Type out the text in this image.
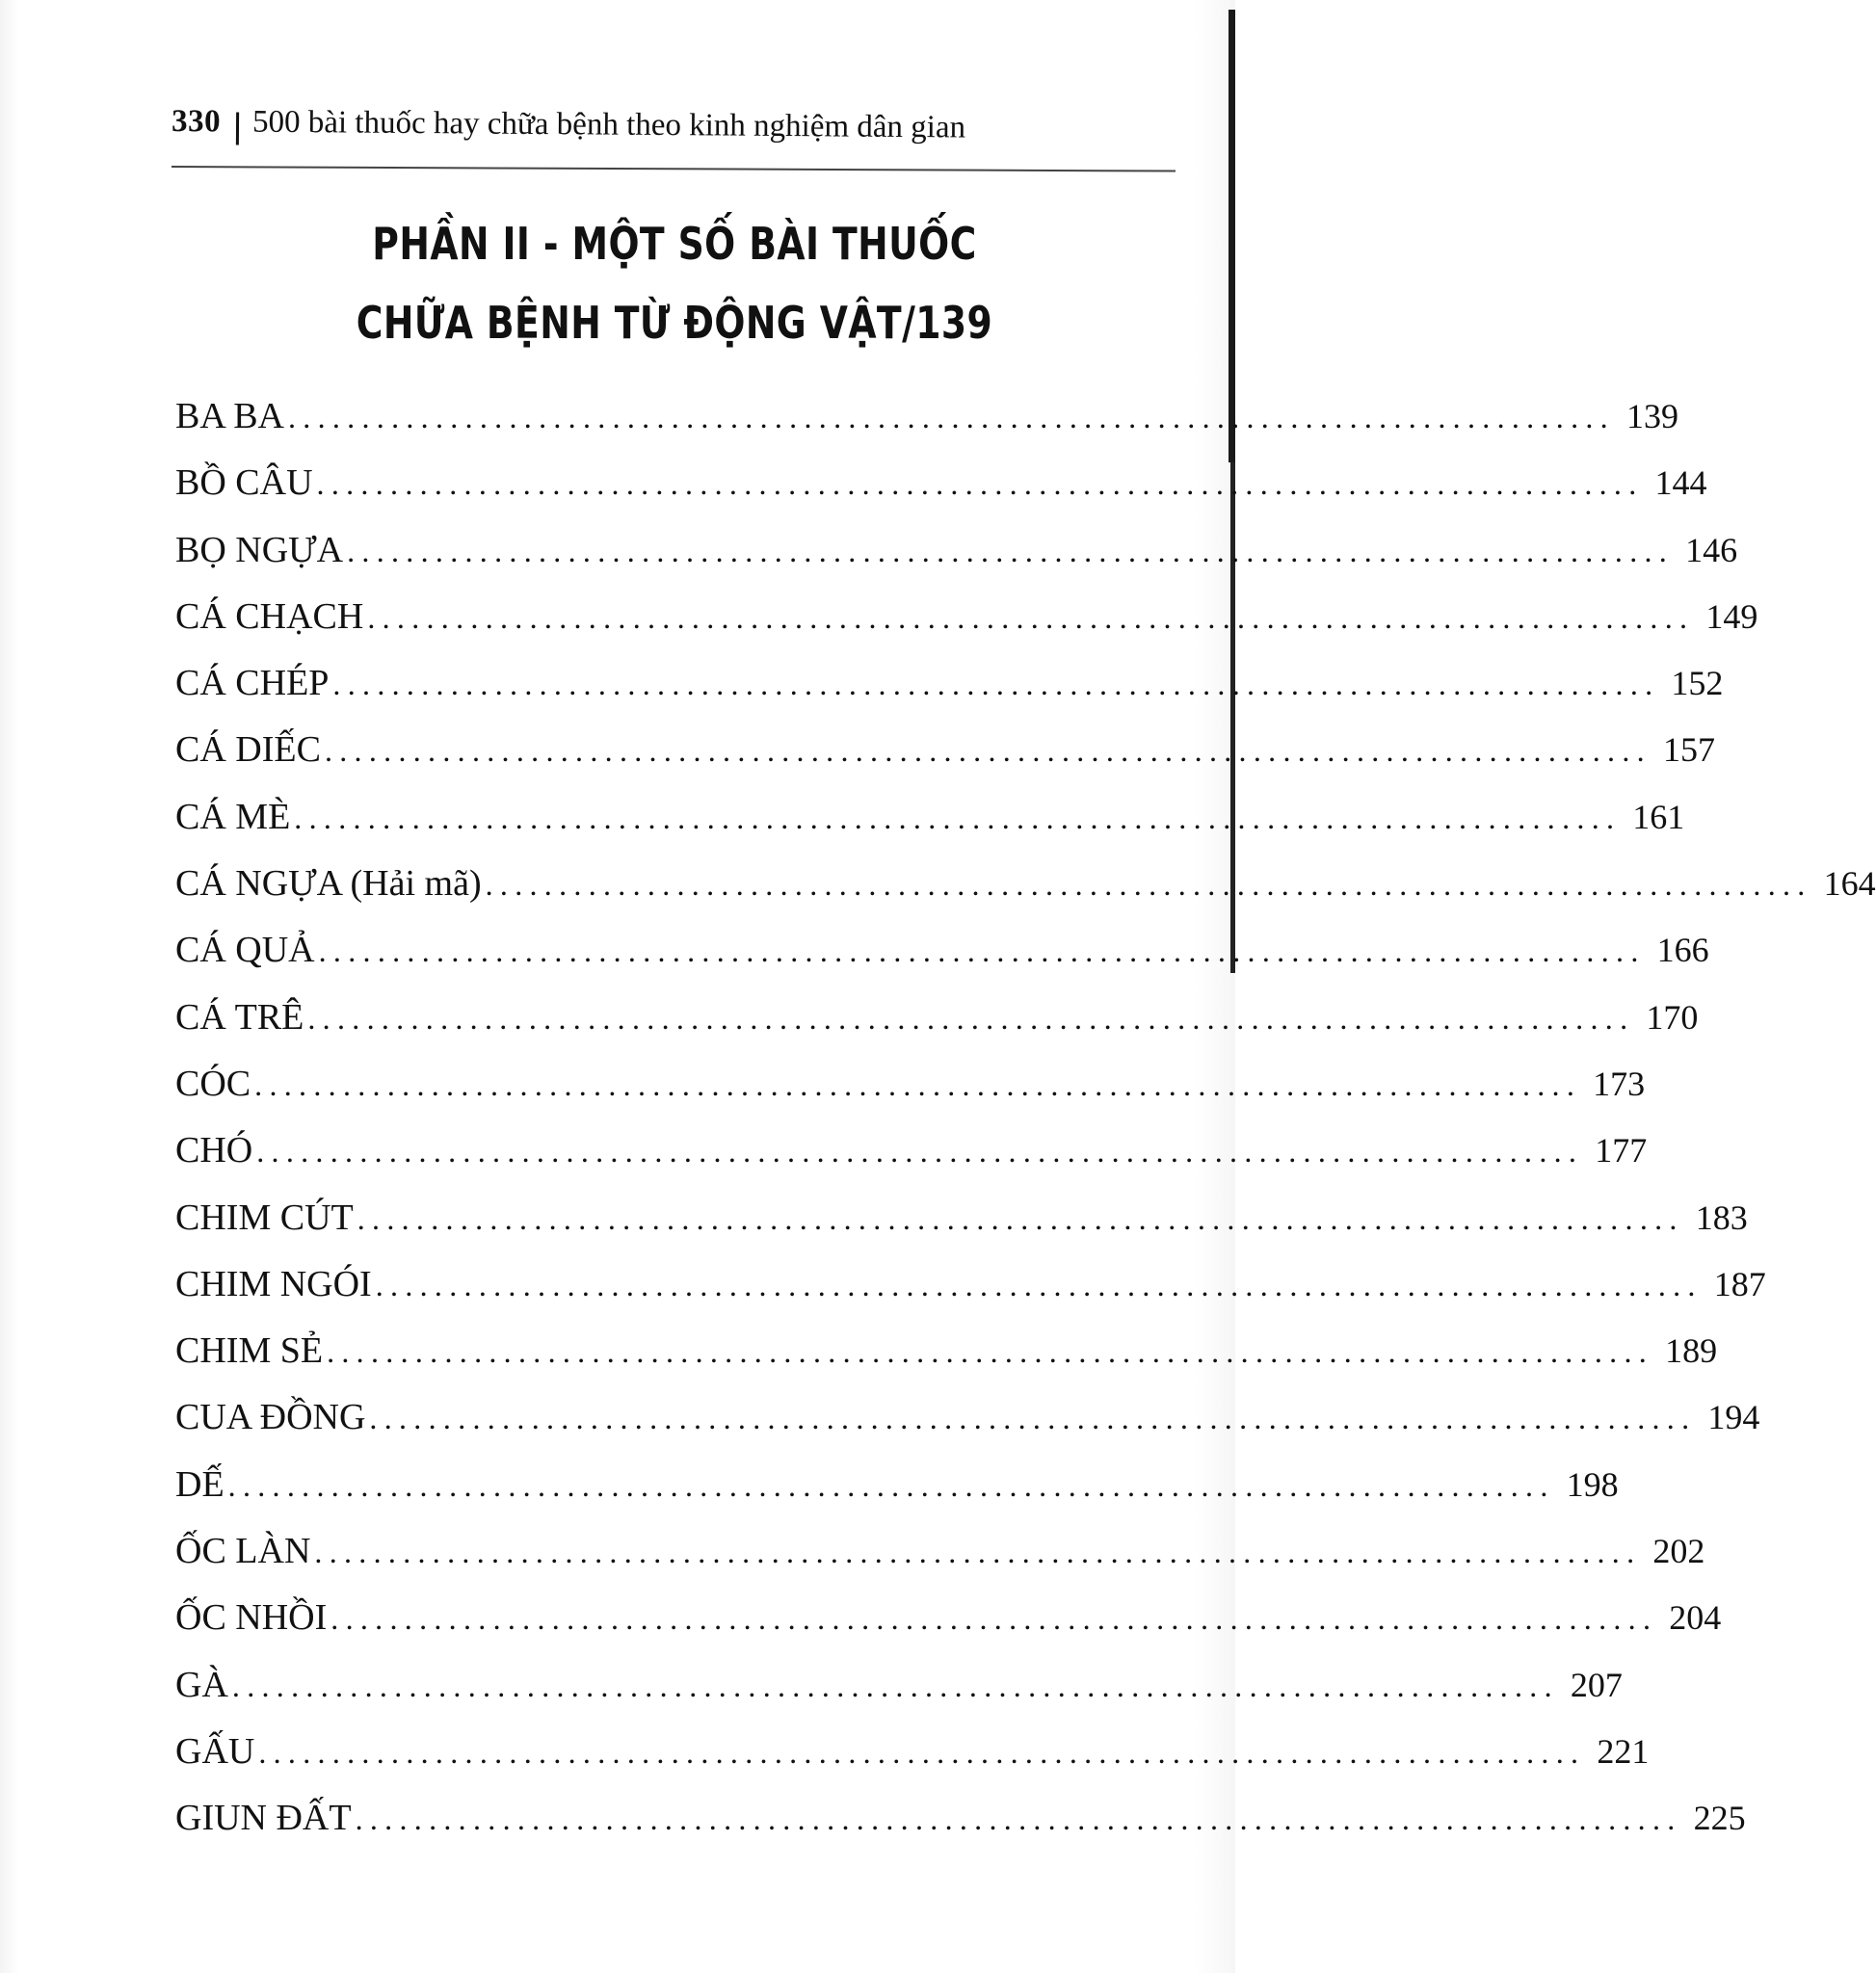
330 500 bài thuốc hay chữa bệnh theo kinh nghiệm dân gian
PHẦN II - MỘT SỐ BÀI THUỐC
CHỮA BỆNH TỪ ĐỘNG VẬT/139
BA BA .......................................................................................... 139
BỒ CÂU .......................................................................................... 144
BỌ NGỰA .......................................................................................... 146
CÁ CHẠCH .......................................................................................... 149
CÁ CHÉP .......................................................................................... 152
CÁ DIẾC .......................................................................................... 157
CÁ MÈ .......................................................................................... 161
CÁ NGỰA (Hải mã) .......................................................................................... 164
CÁ QUẢ .......................................................................................... 166
CÁ TRÊ .......................................................................................... 170
CÓC .......................................................................................... 173
CHÓ .......................................................................................... 177
CHIM CÚT .......................................................................................... 183
CHIM NGÓI .......................................................................................... 187
CHIM SẺ .......................................................................................... 189
CUA ĐỒNG .......................................................................................... 194
DẾ .......................................................................................... 198
ỐC LÀN .......................................................................................... 202
ỐC NHỒI .......................................................................................... 204
GÀ .......................................................................................... 207
GẤU .......................................................................................... 221
GIUN ĐẤT .......................................................................................... 225
